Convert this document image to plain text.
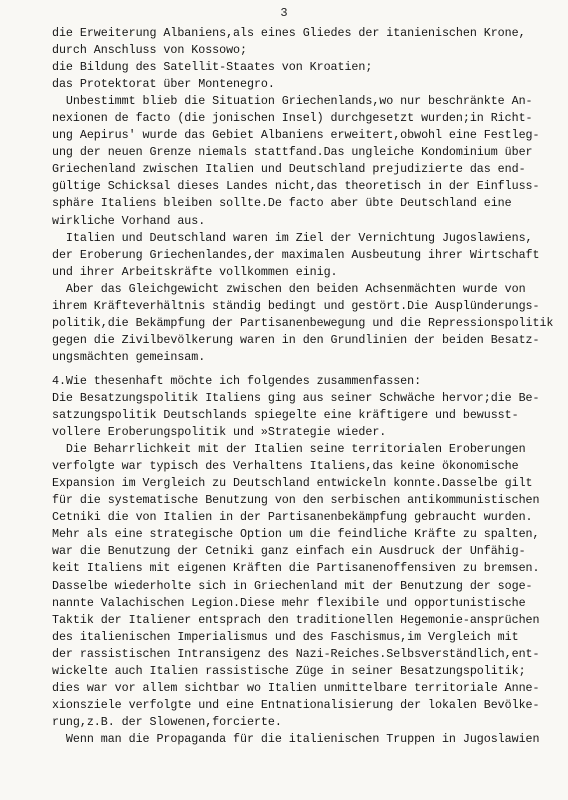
3
die Erweiterung Albaniens,als eines Gliedes der itanienischen Krone,
durch Anschluss von Kossowo;
die Bildung des Satellit-Staates von Kroatien;
das Protektorat über Montenegro.
Unbestimmt blieb die Situation Griechenlands,wo nur beschränkte An-
nexionen de facto (die jonischen Insel) durchgesetzt wurden;in Richt-
ung Aepirus' wurde das Gebiet Albaniens erweitert,obwohl eine Festleg-
ung der neuen Grenze niemals stattfand.Das ungleiche Kondominium über
Griechenland zwischen Italien und Deutschland prejudizierte das end-
gültige Schicksal dieses Landes nicht,das theoretisch in der Einfluss-
sphäre Italiens bleiben sollte.De facto aber übte Deutschland eine
wirkliche Vorhand aus.
Italien und Deutschland waren im Ziel der Vernichtung Jugoslawiens,
der Eroberung Griechenlandes,der maximalen Ausbeutung ihrer Wirtschaft
und ihrer Arbeitskräfte vollkommen einig.
Aber das Gleichgewicht zwischen den beiden Achsenmächten wurde von
ihrem Kräfteverhältnis ständig bedingt und gestört.Die Ausplünderungs-
politik,die Bekämpfung der Partisanenbewegung und die Repressionspolitik
gegen die Zivilbevölkerung waren in den Grundlinien der beiden Besatz-
ungsmächten gemeinsam.
4.Wie thesenhaft möchte ich folgendes zusammenfassen:
Die Besatzungspolitik Italiens ging aus seiner Schwäche hervor;die Be-
satzungspolitik Deutschlands spiegelte eine kräftigere und bewusst-
vollere Eroberungspolitik und »Strategie wieder.
Die Beharrlichkeit mit der Italien seine territorialen Eroberungen
verfolgte war typisch des Verhaltens Italiens,das keine ökonomische
Expansion im Vergleich zu Deutschland entwickeln konnte.Dasselbe gilt
für die systematische Benutzung von den serbischen antikommunistischen
Cetniki die von Italien in der Partisanenbekämpfung gebraucht wurden.
Mehr als eine strategische Option um die feindliche Kräfte zu spalten,
war die Benutzung der Cetniki ganz einfach ein Ausdruck der Unfähig-
keit Italiens mit eigenen Kräften die Partisanenoffensiven zu bremsen.
Dasselbe wiederholte sich in Griechenland mit der Benutzung der soge-
nannte Valachischen Legion.Diese mehr flexibile und opportunistische
Taktik der Italiener entsprach den traditionellen Hegemonie-ansprüchen
des italienischen Imperialismus und des Faschismus,im Vergleich mit
der rassistischen Intransigenz des Nazi-Reiches.Selbsverständlich,ent-
wickelte auch Italien rassistische Züge in seiner Besatzungspolitik;
dies war vor allem sichtbar wo Italien unmittelbare territoriale Anne-
xionsziele verfolgte und eine Entnationalisierung der lokalen Bevölke-
rung,z.B. der Slowenen,forcierte.
Wenn man die Propaganda für die italienischen Truppen in Jugoslawien
